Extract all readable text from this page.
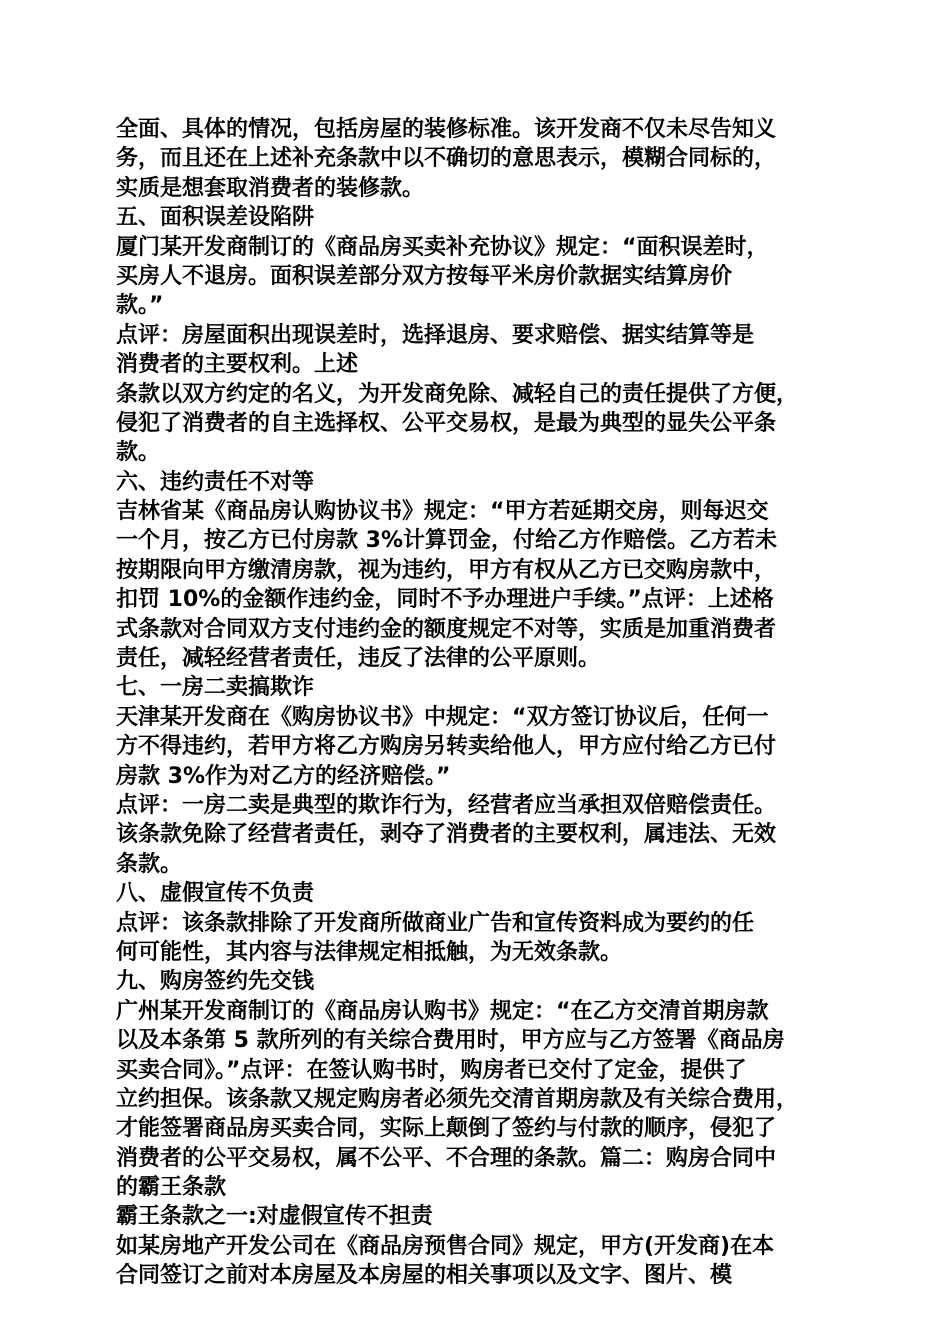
全面、具体的情况，包括房屋的装修标准。该开发商不仅未尽告知义
务，而且还在上述补充条款中以不确切的意思表示，模糊合同标的，
实质是想套取消费者的装修款。
五、面积误差设陷阱
厦门某开发商制订的《商品房买卖补充协议》规定：“面积误差时，
买房人不退房。面积误差部分双方按每平米房价款据实结算房价
款。”
点评：房屋面积出现误差时，选择退房、要求赔偿、据实结算等是
消费者的主要权利。上述
条款以双方约定的名义，为开发商免除、减轻自己的责任提供了方便，
侵犯了消费者的自主选择权、公平交易权，是最为典型的显失公平条
款。
六、违约责任不对等
吉林省某《商品房认购协议书》规定：“甲方若延期交房，则每迟交
一个月，按乙方已付房款 3%计算罚金，付给乙方作赔偿。乙方若未
按期限向甲方缴清房款，视为违约，甲方有权从乙方已交购房款中，
扣罚 10%的金额作违约金，同时不予办理进户手续。”点评：上述格
式条款对合同双方支付违约金的额度规定不对等，实质是加重消费者
责任，减轻经营者责任，违反了法律的公平原则。
七、一房二卖搞欺诈
天津某开发商在《购房协议书》中规定：“双方签订协议后，任何一
方不得违约，若甲方将乙方购房另转卖给他人，甲方应付给乙方已付
房款 3%作为对乙方的经济赔偿。”
点评：一房二卖是典型的欺诈行为，经营者应当承担双倍赔偿责任。
该条款免除了经营者责任，剥夺了消费者的主要权利，属违法、无效
条款。
八、虚假宣传不负责
点评：该条款排除了开发商所做商业广告和宣传资料成为要约的任
何可能性，其内容与法律规定相抵触，为无效条款。
九、购房签约先交钱
广州某开发商制订的《商品房认购书》规定：“在乙方交清首期房款
以及本条第 5 款所列的有关综合费用时，甲方应与乙方签署《商品房
买卖合同》。”点评：在签认购书时，购房者已交付了定金，提供了
立约担保。该条款又规定购房者必须先交清首期房款及有关综合费用，
才能签署商品房买卖合同，实际上颠倒了签约与付款的顺序，侵犯了
消费者的公平交易权，属不公平、不合理的条款。篇二：购房合同中
的霸王条款
霸王条款之一:对虚假宣传不担责
如某房地产开发公司在《商品房预售合同》规定，甲方(开发商)在本
合同签订之前对本房屋及本房屋的相关事项以及文字、图片、模
